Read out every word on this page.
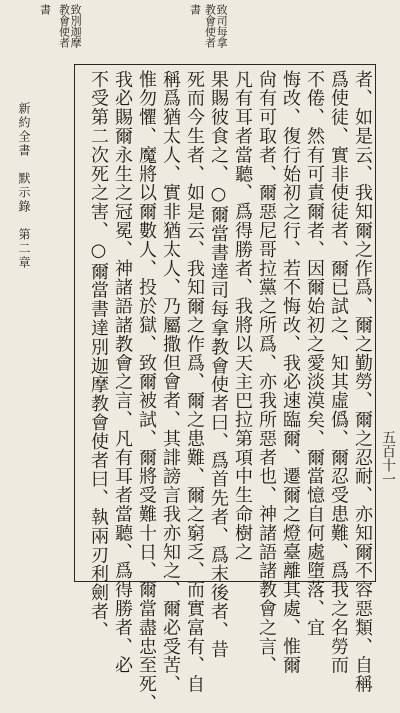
致別迦摩
教會使者
書	致司每拿
教會使者
書
新約全書　默示錄　第二章	者、如是云、我知爾之作爲、爾之勤勞、爾之忍耐、亦知爾不容惡類、自稱
爲使徒、實非使徒者、爾已試之、知其虛僞、爾忍受患難、爲我之名勞而
不倦、然有可責爾者、因爾始初之愛淡漠矣、爾當憶自何處墮落、宜
悔改、復行始初之行、若不悔改、我必速臨爾、遷爾之燈臺離其處、惟爾
尙有可取者、爾惡尼哥拉黨之所爲、亦我所惡者也、神諸語諸教會之言、
凡有耳者當聽、爲得勝者、我將以天主巴拉第項中生命樹之
果賜彼食之、○爾當書達司每拿教會使者曰、爲首先者、爲末後者、昔
死而今生者、如是云、我知爾之作爲、爾之患難、爾之窮乏、而實富有、自
稱爲猶太人、實非猶太人、乃屬撒但會者、其誹謗言我亦知之、爾必受苦、
惟勿懼、魔將以爾數人、投於獄、致爾被試、爾將受難十日、爾當盡忠至死、
我必賜爾永生之冠冕、神諸語諸教會之言、凡有耳者當聽、爲得勝者、必
不受第二次死之害、○爾當書達別迦摩教會使者曰、執兩刃利劍者、	五百十一
